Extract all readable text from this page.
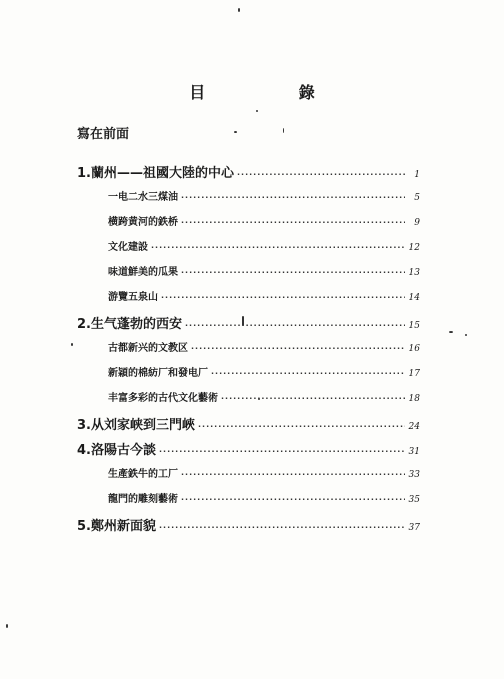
目 錄
寫在前面
1. 蘭州——祖國大陸的中心 ·····	1
一电二水三煤油 ·····	5
横跨黄河的鉄桥 ·····	9
文化建設 ·····	12
味道鮮美的瓜果 ·····	13
游覽五泉山 ·····	14
2. 生气蓬勃的西安 ·····	15
古都新兴的文教区 ·····	16
新穎的棉紡厂和發电厂 ·····	17
丰富多彩的古代文化藝術 ·····	18
3. 从刘家峡到三門峽 ·····	24
4. 洛陽古今談 ·····	31
生產鉄牛的工厂 ·····	33
龍門的雕刻藝術 ·····	35
5. 鄭州新面貌 ·····	37
